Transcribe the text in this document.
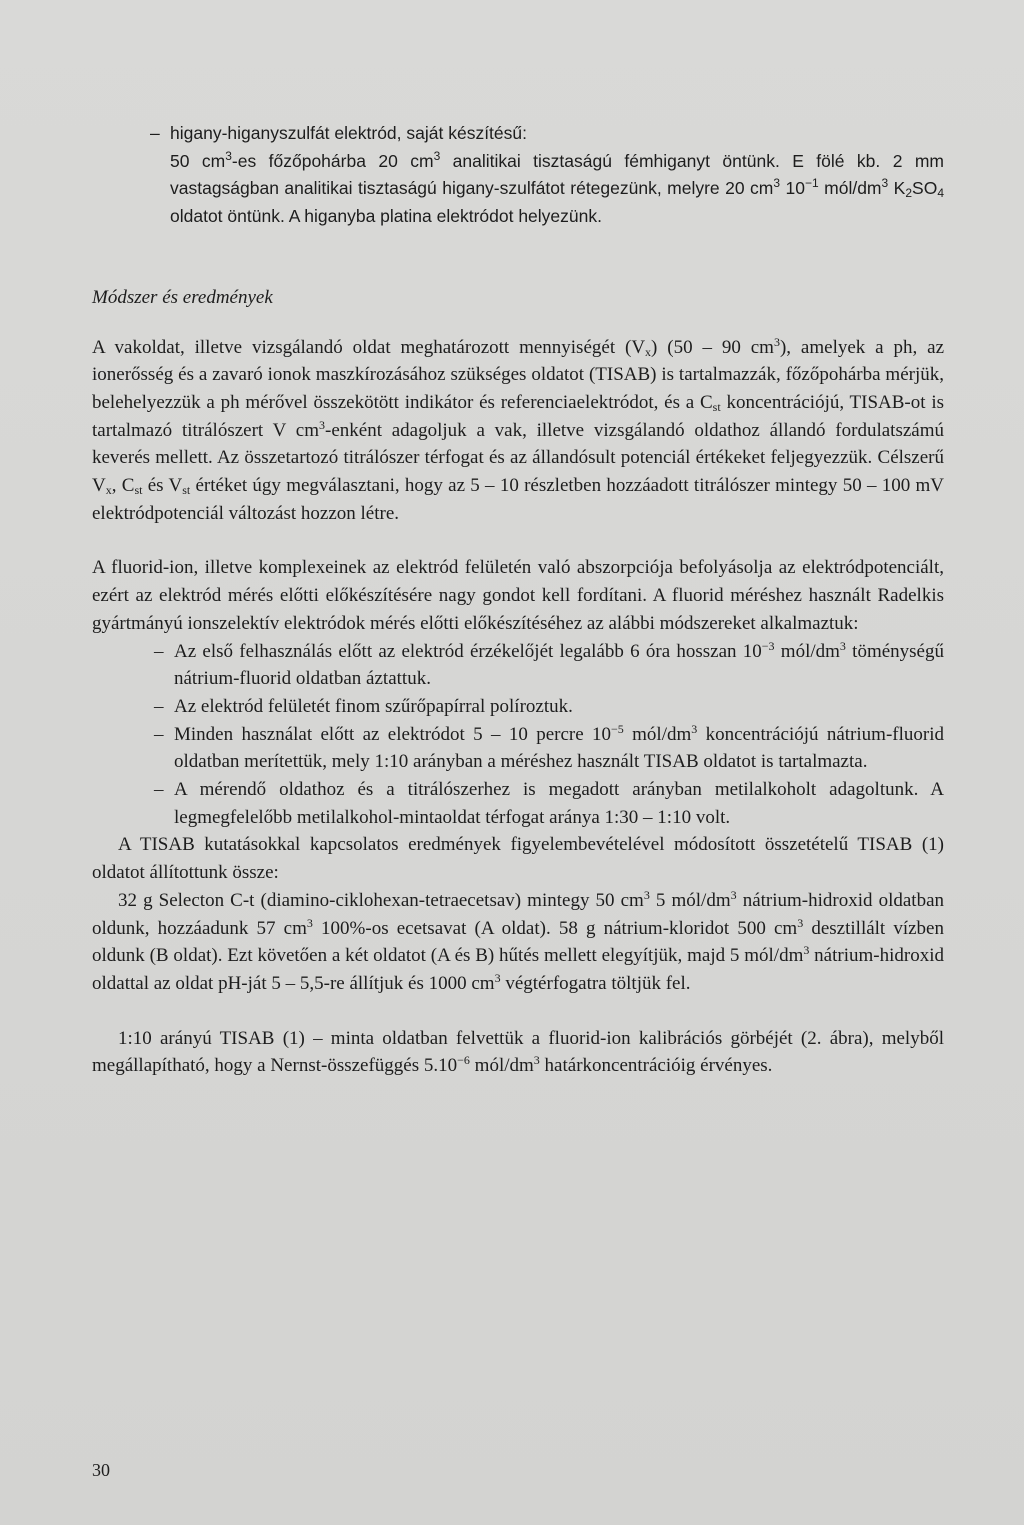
– higany-higanyszulfát elektród, saját készítésű:

50 $cm^3-es$ főzőpohárba 20 $cm^3$ analitikai tisztaságú fémhiganyt öntünk. E fölé kb. 2 mm vastagságban analitikai tisztaságú higany-szulfátot rétegezünk, melyre 20 $cm^3$ $10^{-1}$ mól/$dm^3$ $K_2SO_4$ oldatot öntünk. A higanyba platina elektródot helyezünk.

Módszer és eredmények

A vakoldat, illetve vizsgálandó oldat meghatározott mennyiségét $(V_x)$ (50 – 90 $cm^3$), amelyek a ph, az ionerősség és a zavaró ionok maszkírozásához szükséges oldatot (TISAB) is tartalmazzák, főzőpohárba mérjük, belehelyezzük a ph mérővel összekötött indikátor és referenciaelektródot, és a $C_{st}$ koncentrációjú, TISAB-ot is tartalmazó titrálószert V $cm^3$-enként adagoljuk a vak, illetve vizsgálandó oldathoz állandó fordulatszámú keverés mellett. Az összetartozó titrálószer térfogat és az állandósult potenciál értékeket feljegyezzük. Célszerű $V_x$, $C_{st}$ és $V_{st}$ értéket úgy megválasztani, hogy az 5 – 10 részletben hozzáadott titrálószer mintegy 50 – 100 mV elektródpotenciál változást hozzon létre.

A fluorid-ion, illetve komplexeinek az elektród felületén való abszorpciója befolyásolja az elektródpotenciált, ezért az elektród mérés előtti előkészítésére nagy gondot kell fordítani. A fluorid méréshez használt Radelkis gyártmányú ionszelektív elektródok mérés előtti előkészítéséhez az alábbi módszereket alkalmaztuk:

– Az első felhasználás előtt az elektród érzékelőjét legalább 6 óra hosszan $10^{-3}$ mól/$dm^3$ töménységű nátrium-fluorid oldatban áztattuk.
– Az elektród felületét finom szűrőpapírral políroztuk.
– Minden használat előtt az elektródot 5 – 10 percre $10^{-5}$ mól/$dm^3$ koncentrációjú nátrium-fluorid oldatban merítettük, mely 1:10 arányban a méréshez használt TISAB oldatot is tartalmazta.
– A mérendő oldathoz és a titrálószerhez is megadott arányban metilalkoholt adagoltunk. A legmegfelelőbb metilalkohol-mintaoldat térfogat aránya 1:30 – 1:10 volt.

A TISAB kutatásokkal kapcsolatos eredmények figyelembevételével módosított összetételű TISAB (1) oldatot állítottunk össze:

32 g Selecton C-t (diamino-ciklohexan-tetraecetsav) mintegy 50 $cm^3$ 5 mól/$dm^3$ nátrium-hidroxid oldatban oldunk, hozzáadunk 57 $cm^3$ 100%-os ecetsavat (A oldat). 58 g nátrium-kloridot 500 $cm^3$ desztillált vízben oldunk (B oldat). Ezt követően a két oldatot (A és B) hűtés mellett elegyítjük, majd 5 mól/$dm^3$ nátrium-hidroxid oldattal az oldat pH-ját 5 – 5,5-re állítjuk és 1000 $cm^3$ végtérfogatra töltjük fel.

1:10 arányú TISAB (1) – minta oldatban felvettük a fluorid-ion kalibrációs görbéjét (2. ábra), melyből megállapítható, hogy a Nernst-összefüggés $5.10^{-6}$ mól/$dm^3$ határkoncentrációig érvényes.

30
